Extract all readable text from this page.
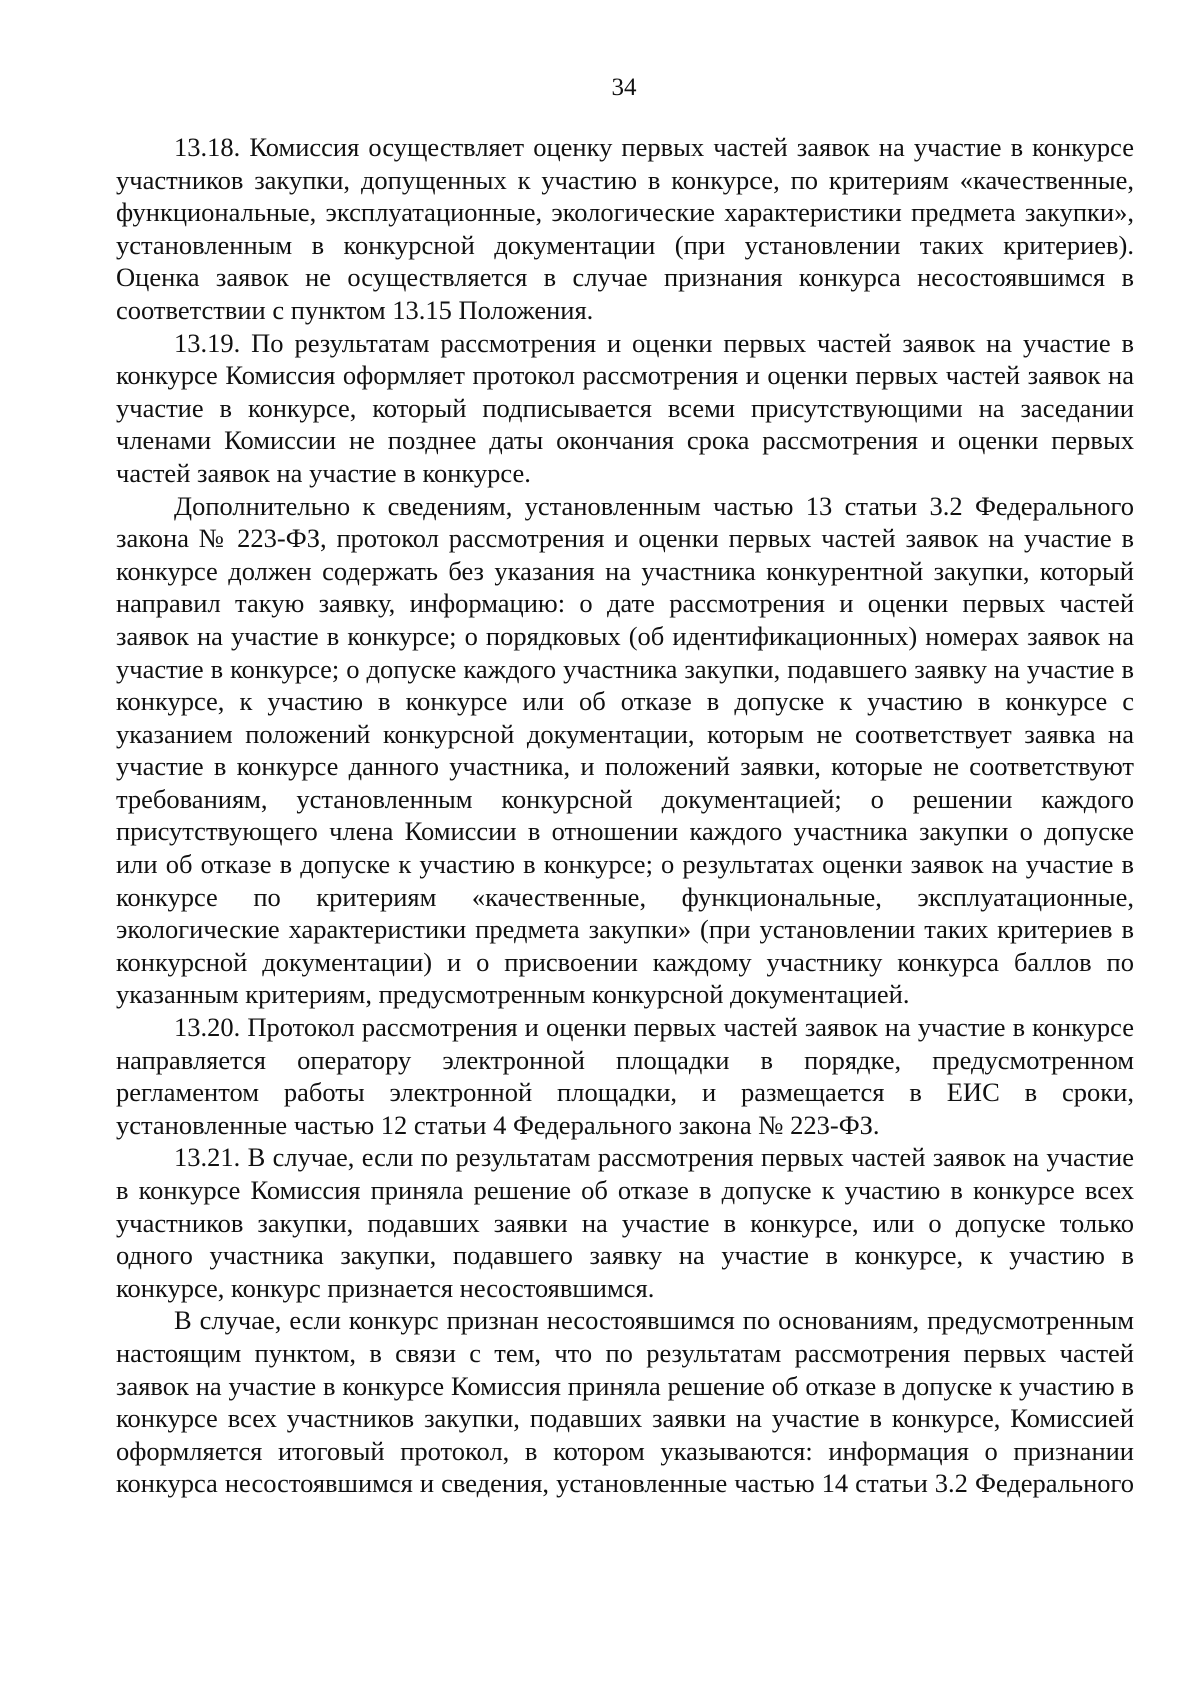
34

13.18. Комиссия осуществляет оценку первых частей заявок на участие в конкурсе участников закупки, допущенных к участию в конкурсе, по критериям «качественные, функциональные, эксплуатационные, экологические характеристики предмета закупки», установленным в конкурсной документации (при установлении таких критериев). Оценка заявок не осуществляется в случае признания конкурса несостоявшимся в соответствии с пунктом 13.15 Положения.

13.19. По результатам рассмотрения и оценки первых частей заявок на участие в конкурсе Комиссия оформляет протокол рассмотрения и оценки первых частей заявок на участие в конкурсе, который подписывается всеми присутствующими на заседании членами Комиссии не позднее даты окончания срока рассмотрения и оценки первых частей заявок на участие в конкурсе.

Дополнительно к сведениям, установленным частью 13 статьи 3.2 Федерального закона № 223-ФЗ, протокол рассмотрения и оценки первых частей заявок на участие в конкурсе должен содержать без указания на участника конкурентной закупки, который направил такую заявку, информацию: о дате рассмотрения и оценки первых частей заявок на участие в конкурсе; о порядковых (об идентификационных) номерах заявок на участие в конкурсе; о допуске каждого участника закупки, подавшего заявку на участие в конкурсе, к участию в конкурсе или об отказе в допуске к участию в конкурсе с указанием положений конкурсной документации, которым не соответствует заявка на участие в конкурсе данного участника, и положений заявки, которые не соответствуют требованиям, установленным конкурсной документацией; о решении каждого присутствующего члена Комиссии в отношении каждого участника закупки о допуске или об отказе в допуске к участию в конкурсе; о результатах оценки заявок на участие в конкурсе по критериям «качественные, функциональные, эксплуатационные, экологические характеристики предмета закупки» (при установлении таких критериев в конкурсной документации) и о присвоении каждому участнику конкурса баллов по указанным критериям, предусмотренным конкурсной документацией.

13.20. Протокол рассмотрения и оценки первых частей заявок на участие в конкурсе направляется оператору электронной площадки в порядке, предусмотренном регламентом работы электронной площадки, и размещается в ЕИС в сроки, установленные частью 12 статьи 4 Федерального закона № 223-ФЗ.

13.21. В случае, если по результатам рассмотрения первых частей заявок на участие в конкурсе Комиссия приняла решение об отказе в допуске к участию в конкурсе всех участников закупки, подавших заявки на участие в конкурсе, или о допуске только одного участника закупки, подавшего заявку на участие в конкурсе, к участию в конкурсе, конкурс признается несостоявшимся.

В случае, если конкурс признан несостоявшимся по основаниям, предусмотренным настоящим пунктом, в связи с тем, что по результатам рассмотрения первых частей заявок на участие в конкурсе Комиссия приняла решение об отказе в допуске к участию в конкурсе всех участников закупки, подавших заявки на участие в конкурсе, Комиссией оформляется итоговый протокол, в котором указываются: информация о признании конкурса несостоявшимся и сведения, установленные частью 14 статьи 3.2 Федерального
